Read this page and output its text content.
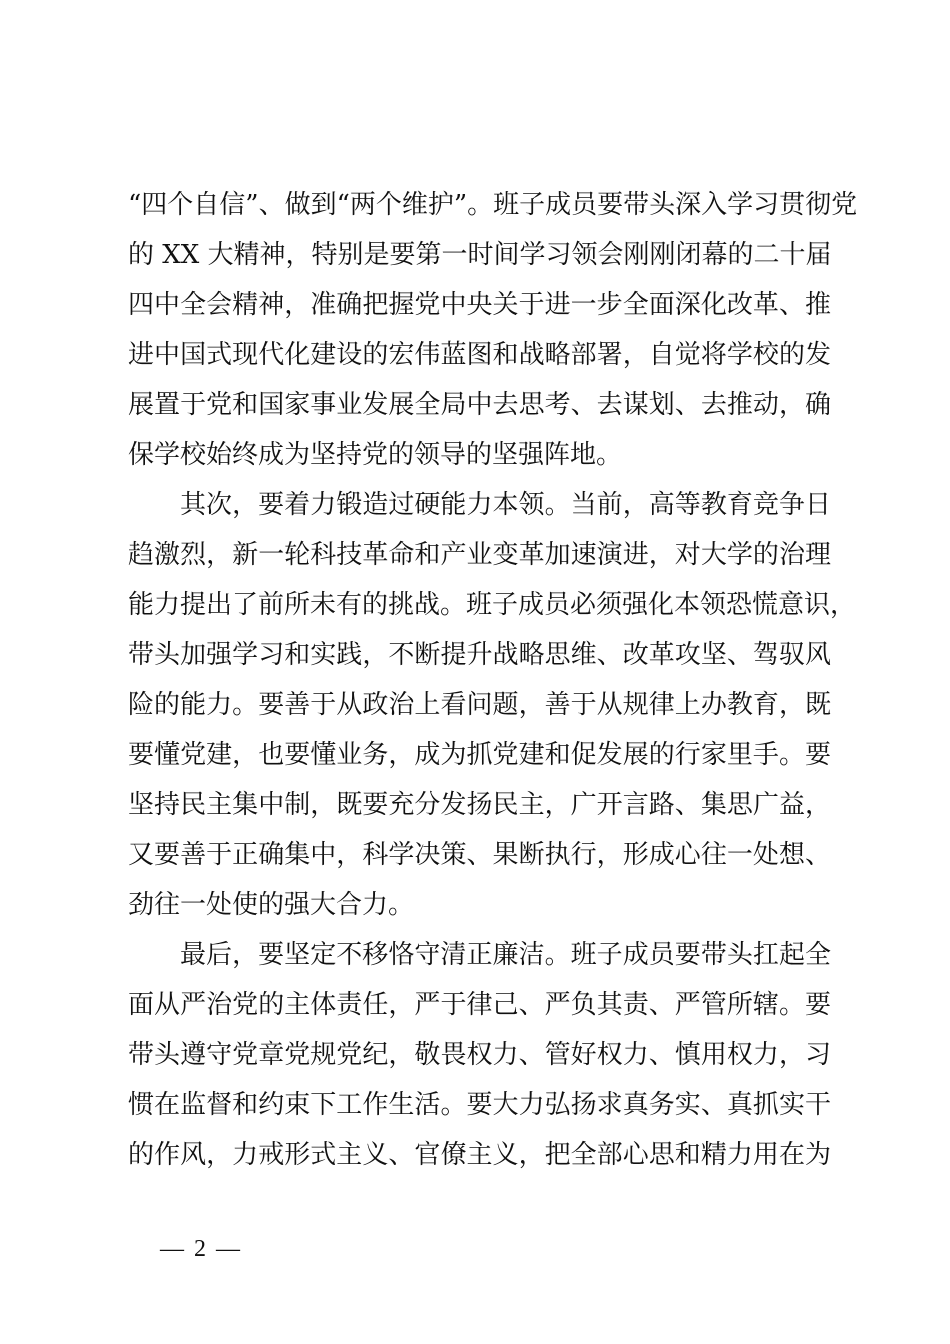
“四个自信”、做到“两个维护”。班子成员要带头深入学习贯彻党
的 XX 大精神，特别是要第一时间学习领会刚刚闭幕的二十届
四中全会精神，准确把握党中央关于进一步全面深化改革、推
进中国式现代化建设的宏伟蓝图和战略部署，自觉将学校的发
展置于党和国家事业发展全局中去思考、去谋划、去推动，确
保学校始终成为坚持党的领导的坚强阵地。
其次，要着力锻造过硬能力本领。当前，高等教育竞争日
趋激烈，新一轮科技革命和产业变革加速演进，对大学的治理
能力提出了前所未有的挑战。班子成员必须强化本领恐慌意识，
带头加强学习和实践，不断提升战略思维、改革攻坚、驾驭风
险的能力。要善于从政治上看问题，善于从规律上办教育，既
要懂党建，也要懂业务，成为抓党建和促发展的行家里手。要
坚持民主集中制，既要充分发扬民主，广开言路、集思广益，
又要善于正确集中，科学决策、果断执行，形成心往一处想、
劲往一处使的强大合力。
最后，要坚定不移恪守清正廉洁。班子成员要带头扛起全
面从严治党的主体责任，严于律己、严负其责、严管所辖。要
带头遵守党章党规党纪，敬畏权力、管好权力、慎用权力，习
惯在监督和约束下工作生活。要大力弘扬求真务实、真抓实干
的作风，力戒形式主义、官僚主义，把全部心思和精力用在为
— 2 —
